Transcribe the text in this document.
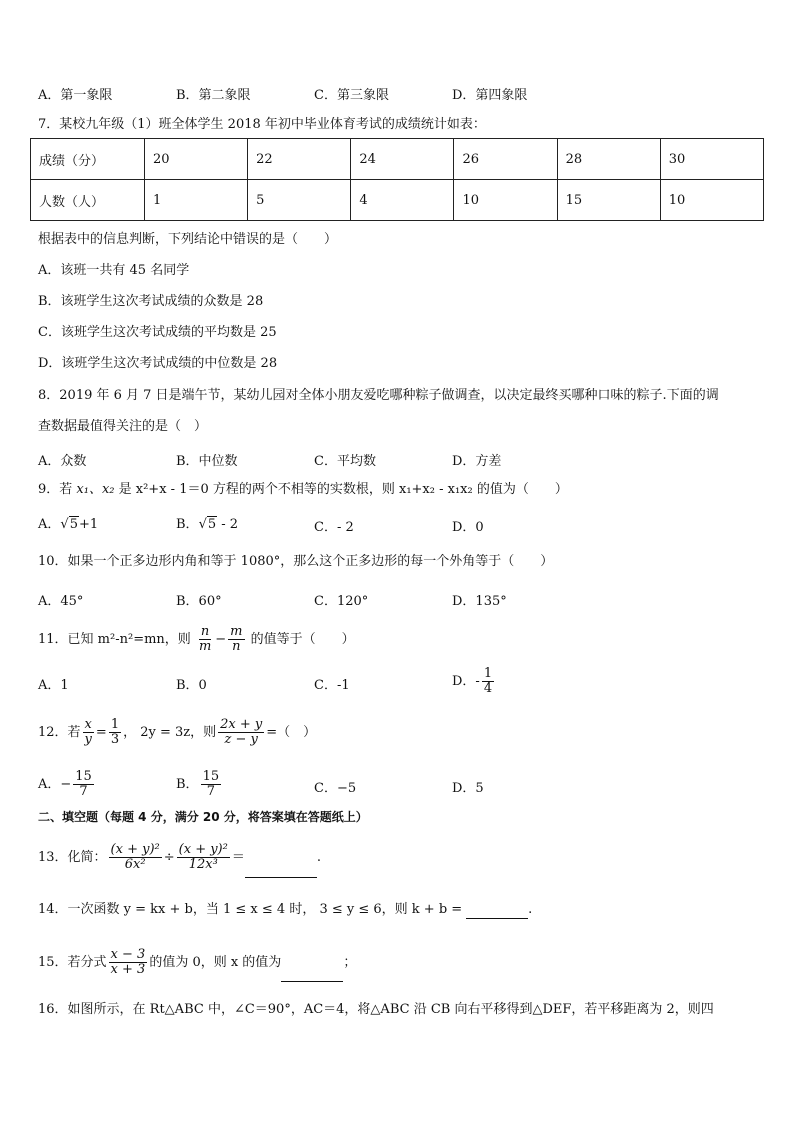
A．第一象限	B．第二象限	C．第三象限	D．第四象限
7．某校九年级（1）班全体学生 2018 年初中毕业体育考试的成绩统计如表：
成绩（分）	20	22	24	26	28	30
人数（人）	1	5	4	10	15	10
根据表中的信息判断，下列结论中错误的是（　　）
A．该班一共有 45 名同学
B．该班学生这次考试成绩的众数是 28
C．该班学生这次考试成绩的平均数是 25
D．该班学生这次考试成绩的中位数是 28
8．2019 年 6 月 7 日是端午节，某幼儿园对全体小朋友爱吃哪种粽子做调查，以决定最终买哪种口味的粽子.下面的调
查数据最值得关注的是（　）
A．众数	B．中位数	C．平均数	D．方差
9．若 x₁、x₂ 是 x²+x - 1＝0 方程的两个不相等的实数根，则 x₁+x₂ - x₁x₂ 的值为（　　）
A．√5+1	B．√5 - 2	C．- 2	D．0
10．如果一个正多边形内角和等于 1080°，那么这个正多边形的每一个外角等于（　　）
A．45°	B．60°	C．120°	D．135°
11．已知 m²-n²=mn，则 $\frac{n}{m} - \frac{m}{n}$ 的值等于（　　）
A．1	B．0	C．-1	D．- $\frac{1}{4}$
12．若 $\frac{x}{y} = \frac{1}{3}$ ， 2y = 3z，则 $\frac{2x + y}{z - y}$ =（　）
A．− $\frac{15}{7}$	B． $\frac{15}{7}$	C．−5	D．5
二、填空题（每题 4 分，满分 20 分，将答案填在答题纸上）
13．化简： $\frac{\text{(x + y)²}}{\text{6x²}} \div \frac{\text{(x + y)²}}{\text{12x³}}$ ＝	.
14．一次函数 y = kx + b，当 1 ≤ x ≤ 4 时， 3 ≤ y ≤ 6，则 k + b =	.
15．若分式 $\frac{x - 3}{x + 3}$ 的值为 0，则 x 的值为	；
16．如图所示，在 Rt△ABC 中，∠C＝90°，AC＝4，将△ABC 沿 CB 向右平移得到△DEF，若平移距离为 2，则四
